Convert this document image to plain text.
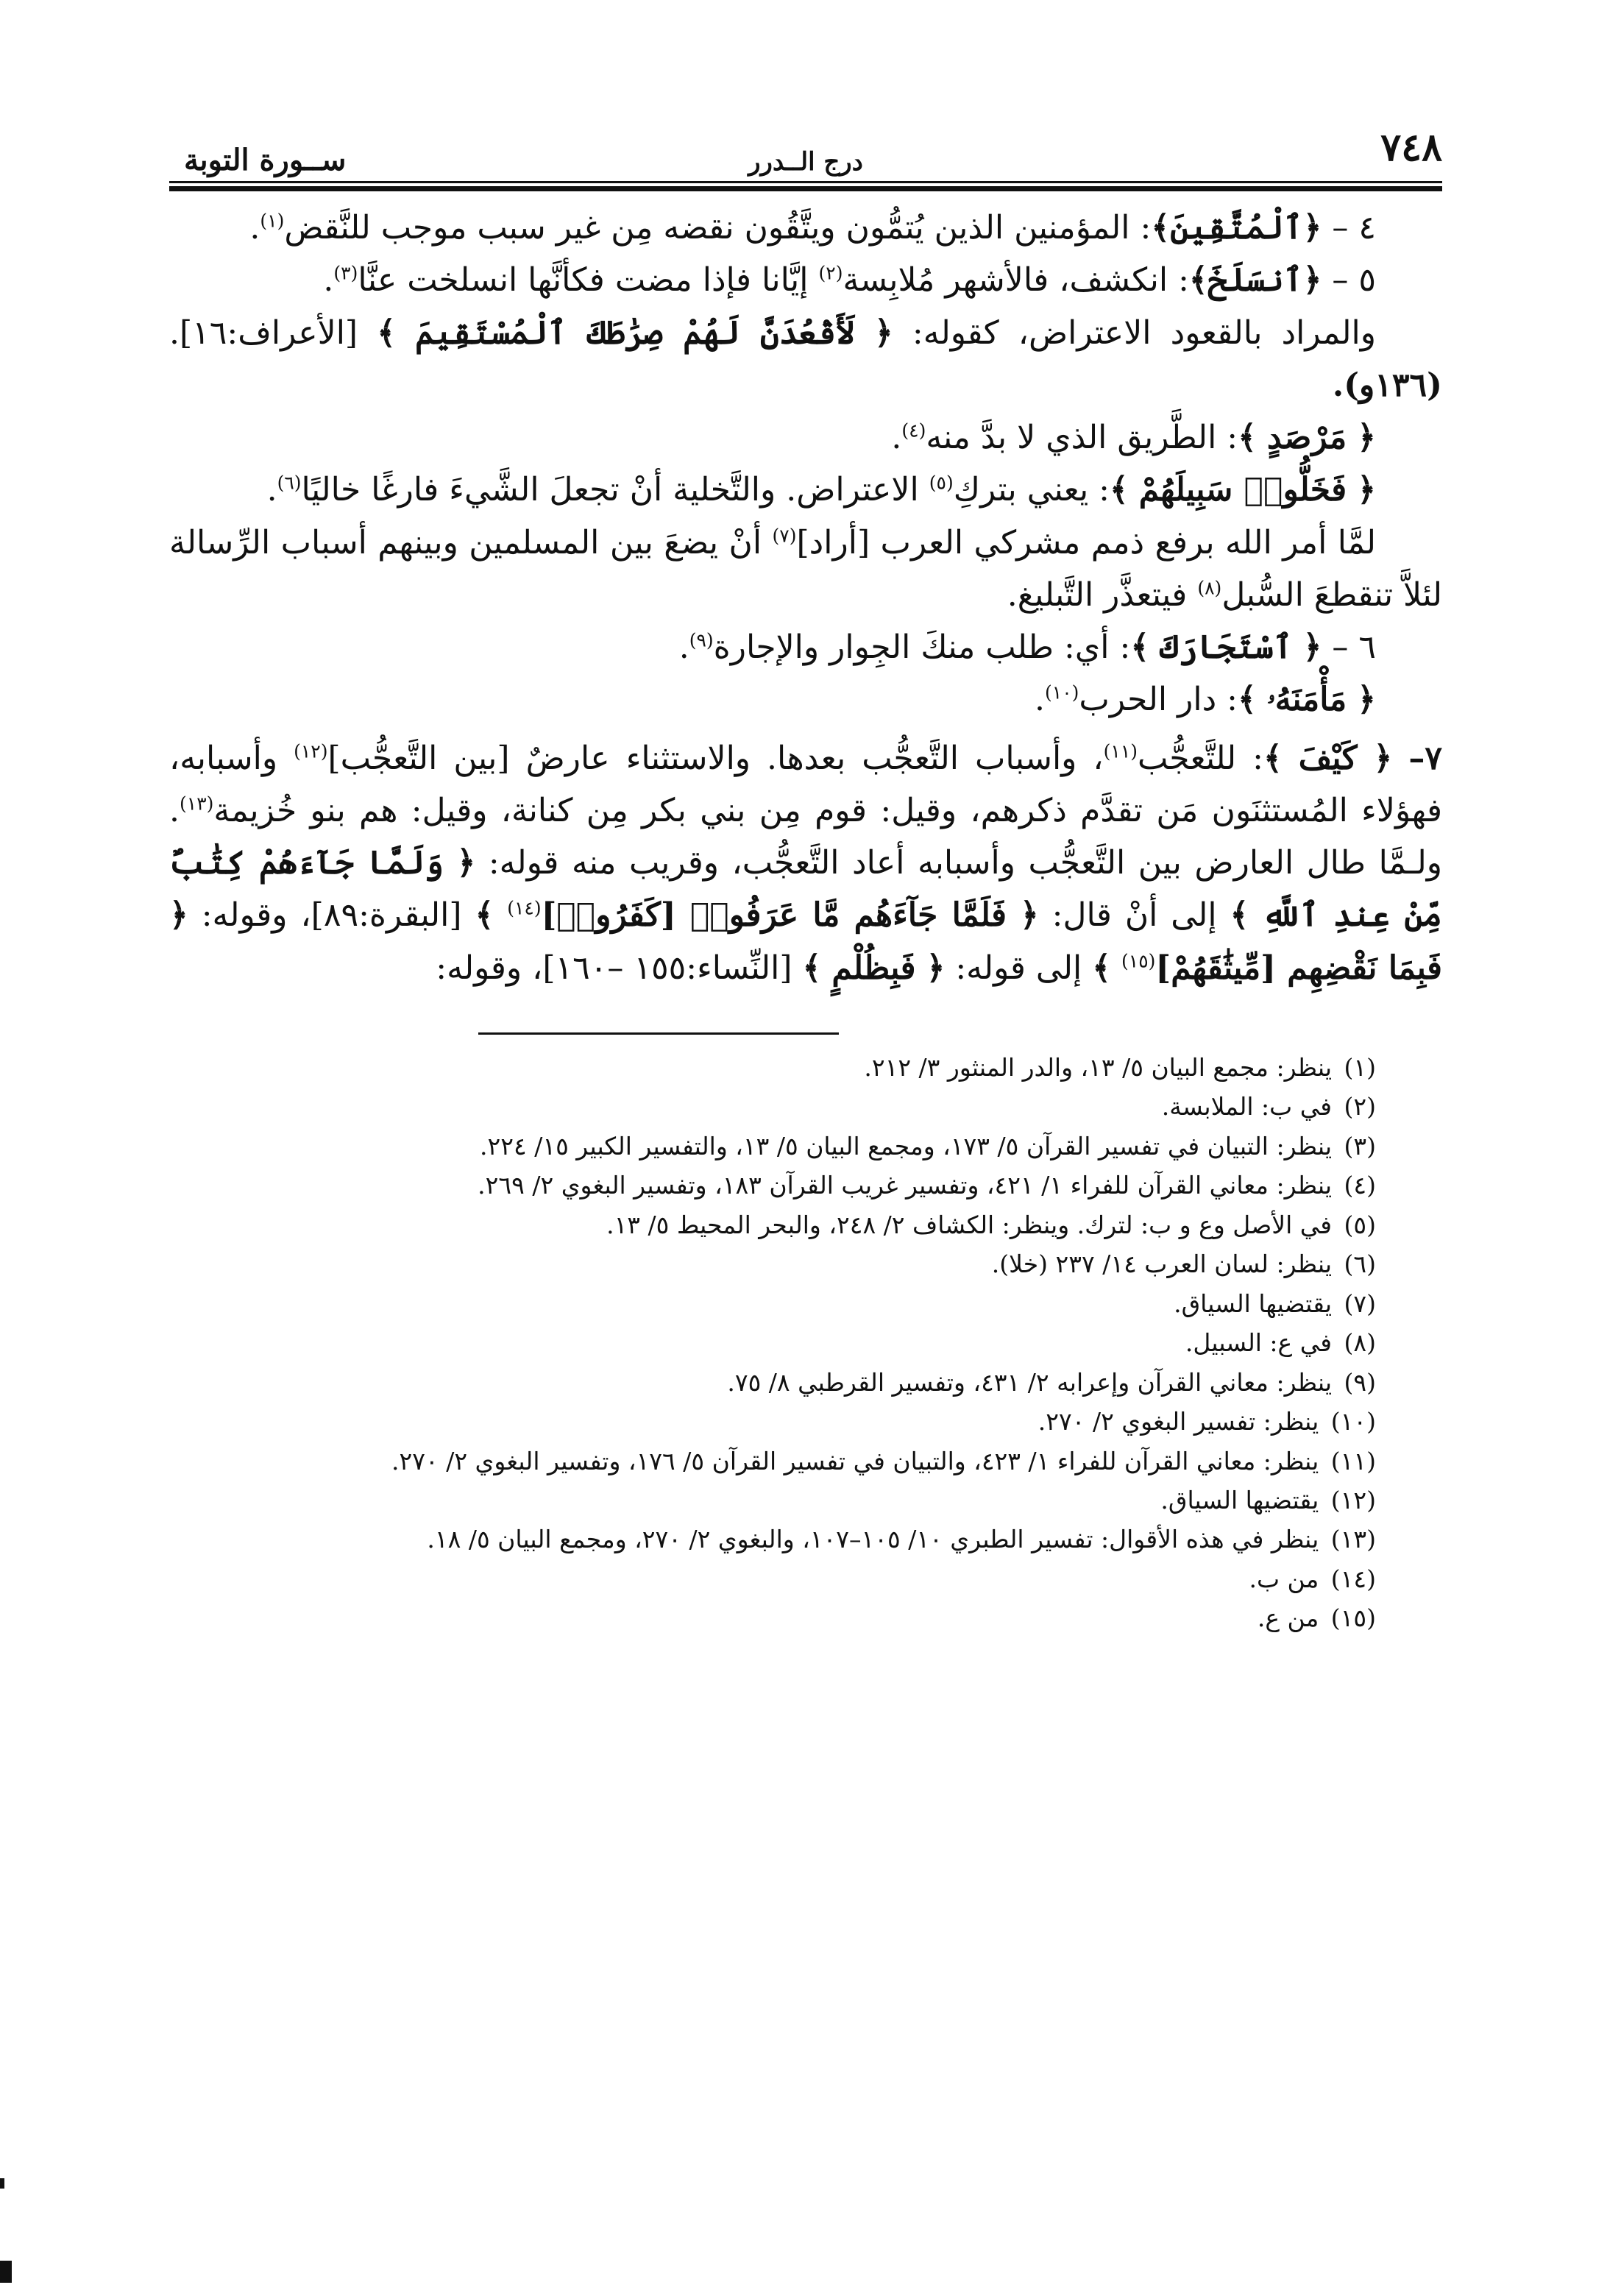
٧٤٨
درج الــدرر
ســورة التوبة

٤ – ﴿ٱلْمُتَّقِينَ﴾: المؤمنين الذين يُتمُّون ويتَّقُون نقضه مِن غير سبب موجب للنَّقض$^{(١)}$.

٥ – ﴿ٱنسَلَخَ﴾: انكشف، فالأشهر مُلابِسة$^{(٢)}$ إيَّانا فإذا مضت فكأنَّها انسلخت عنَّا$^{(٣)}$.

والمراد بالقعود الاعتراض، كقوله: ﴿ لَأَقْعُدَنَّ لَهُمْ صِرَٰطَكَ ٱلْمُسْتَقِيمَ ﴾ [الأعراف:١٦]. (١٣٦و).

﴿ مَرْصَدٍ ﴾: الطَّريق الذي لا بدَّ منه$^{(٤)}$.

﴿ فَخَلُّوا۟ سَبِيلَهُمْ ﴾: يعني بتركِ$^{(٥)}$ الاعتراض. والتَّخلية أنْ تجعلَ الشَّيءَ فارغًا خاليًا$^{(٦)}$.

لمَّا أمر الله برفع ذمم مشركي العرب [أراد]$^{(٧)}$ أنْ يضعَ بين المسلمين وبينهم أسباب الرِّسالة لئلاَّ تنقطعَ السُّبل$^{(٨)}$ فيتعذَّر التَّبليغ.

٦ – ﴿ ٱسْتَجَارَكَ ﴾: أي: طلب منكَ الجِوار والإجارة$^{(٩)}$.

﴿ مَأْمَنَهُۥ ﴾: دار الحرب$^{(١٠)}$.

٧– ﴿ كَيْفَ ﴾: للتَّعجُّب$^{(١١)}$، وأسباب التَّعجُّب بعدها. والاستثناء عارضٌ [بين التَّعجُّب]$^{(١٢)}$ وأسبابه، فهؤلاء المُستثنَون مَن تقدَّم ذكرهم، وقيل: قوم مِن بني بكر مِن كنانة، وقيل: هم بنو خُزيمة$^{(١٣)}$. ولـمَّا طال العارض بين التَّعجُّب وأسبابه أعاد التَّعجُّب، وقريب منه قوله: ﴿ وَلَمَّا جَآءَهُمْ كِتَٰبٌ مِّنْ عِندِ ٱللَّهِ ﴾ إلى أنْ قال: ﴿ فَلَمَّا جَآءَهُم مَّا عَرَفُوا۟ [كَفَرُوا۟]$^{(١٤)}$ ﴾ [البقرة:٨٩]، وقوله: ﴿ فَبِمَا نَقْضِهِم [مِّيثَٰقَهُمْ]$^{(١٥)}$ ﴾ إلى قوله: ﴿ فَبِظُلْمٍ ﴾ [النِّساء:١٥٥ –١٦٠]، وقوله:

(١) ينظر: مجمع البيان ٥/ ١٣، والدر المنثور ٣/ ٢١٢.

(٢) في ب: الملابسة.

(٣) ينظر: التبيان في تفسير القرآن ٥/ ١٧٣، ومجمع البيان ٥/ ١٣، والتفسير الكبير ١٥/ ٢٢٤.

(٤) ينظر: معاني القرآن للفراء ١/ ٤٢١، وتفسير غريب القرآن ١٨٣، وتفسير البغوي ٢/ ٢٦٩.

(٥) في الأصل وع و ب: لترك. وينظر: الكشاف ٢/ ٢٤٨، والبحر المحيط ٥/ ١٣.

(٦) ينظر: لسان العرب ١٤/ ٢٣٧ (خلا).

(٧) يقتضيها السياق.

(٨) في ع: السبيل.

(٩) ينظر: معاني القرآن وإعرابه ٢/ ٤٣١، وتفسير القرطبي ٨/ ٧٥.

(١٠) ينظر: تفسير البغوي ٢/ ٢٧٠.

(١١) ينظر: معاني القرآن للفراء ١/ ٤٢٣، والتبيان في تفسير القرآن ٥/ ١٧٦، وتفسير البغوي ٢/ ٢٧٠.

(١٢) يقتضيها السياق.

(١٣) ينظر في هذه الأقوال: تفسير الطبري ١٠/ ١٠٥–١٠٧، والبغوي ٢/ ٢٧٠، ومجمع البيان ٥/ ١٨.

(١٤) من ب.

(١٥) من ع.
